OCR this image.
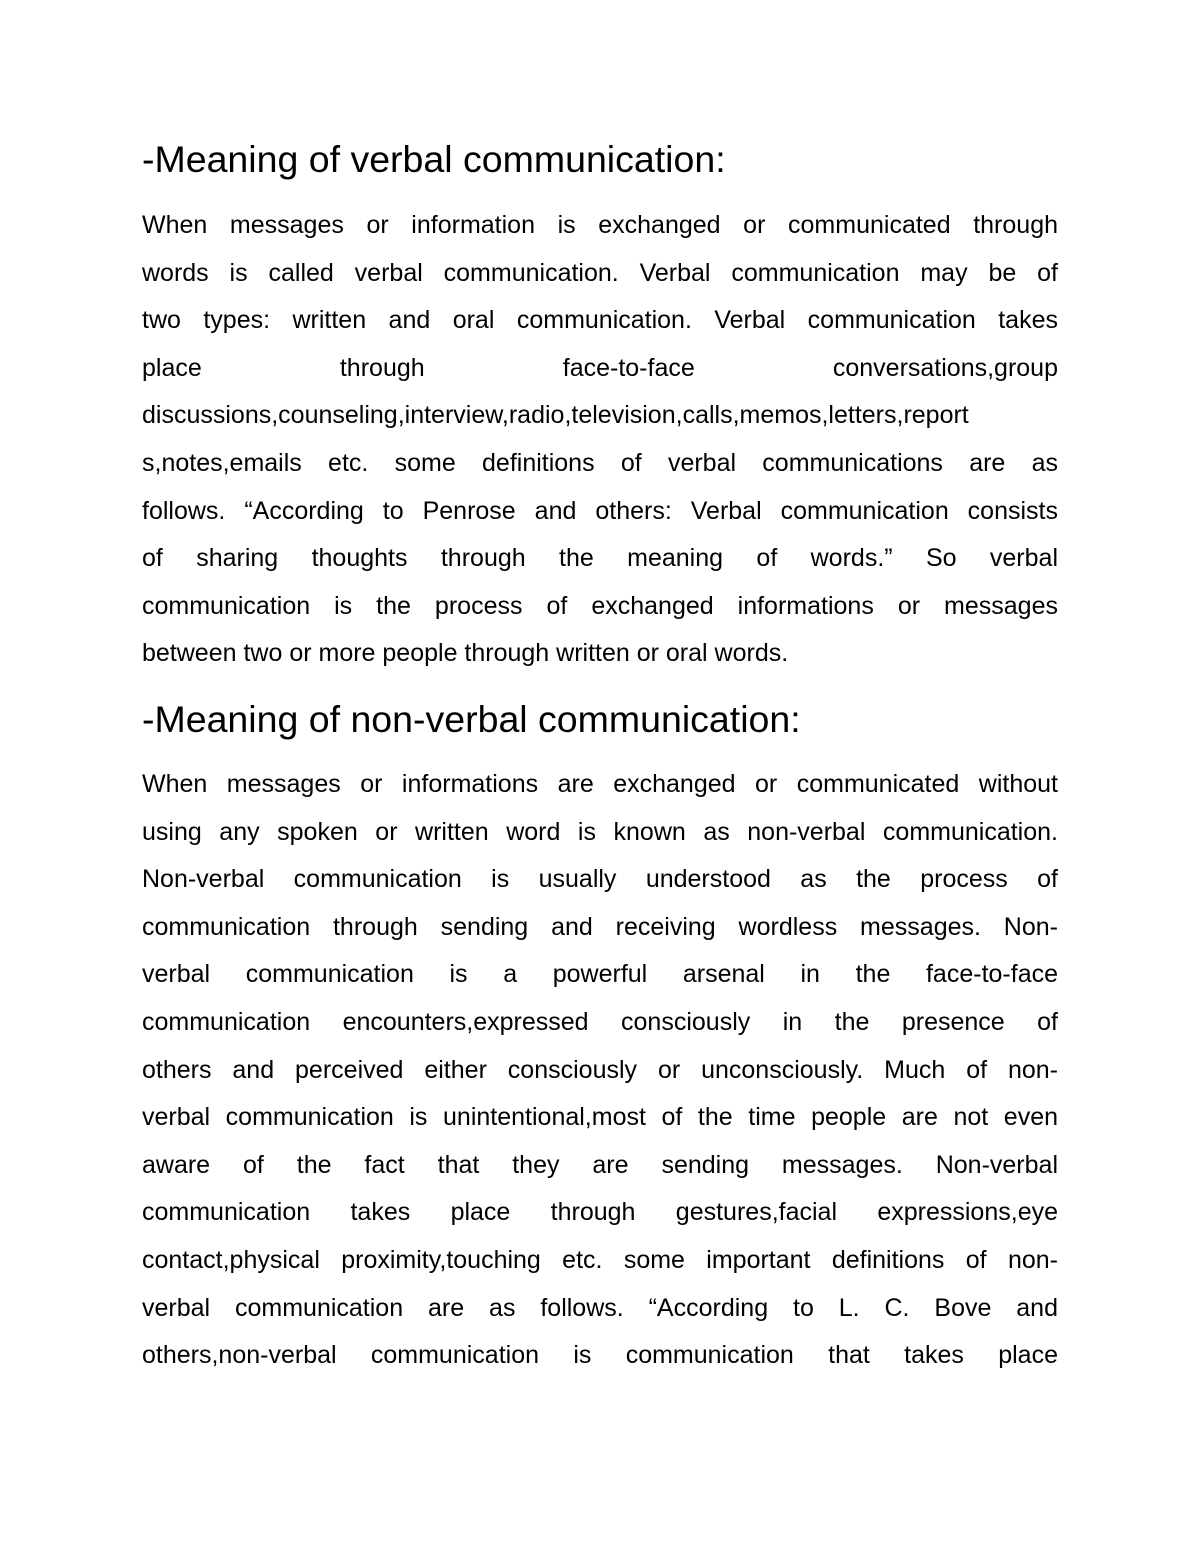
-Meaning of verbal communication:
When messages or information is exchanged or communicated through
words is called verbal communication. Verbal communication may be of
two types: written and oral communication. Verbal communication takes
place through face-to-face conversations,group
discussions,counseling,interview,radio,television,calls,memos,letters,report
s,notes,emails etc. some definitions of verbal communications are as
follows. “According to Penrose and others: Verbal communication consists
of sharing thoughts through the meaning of words.” So verbal
communication is the process of exchanged informations or messages
between two or more people through written or oral words.
-Meaning of non-verbal communication:
When messages or informations are exchanged or communicated without
using any spoken or written word is known as non-verbal communication.
Non-verbal communication is usually understood as the process of
communication through sending and receiving wordless messages. Non-
verbal communication is a powerful arsenal in the face-to-face
communication encounters,expressed consciously in the presence of
others and perceived either consciously or unconsciously. Much of non-
verbal communication is unintentional,most of the time people are not even
aware of the fact that they are sending messages. Non-verbal
communication takes place through gestures,facial expressions,eye
contact,physical proximity,touching etc. some important definitions of non-
verbal communication are as follows. “According to L. C. Bove and
others,non-verbal communication is communication that takes place
